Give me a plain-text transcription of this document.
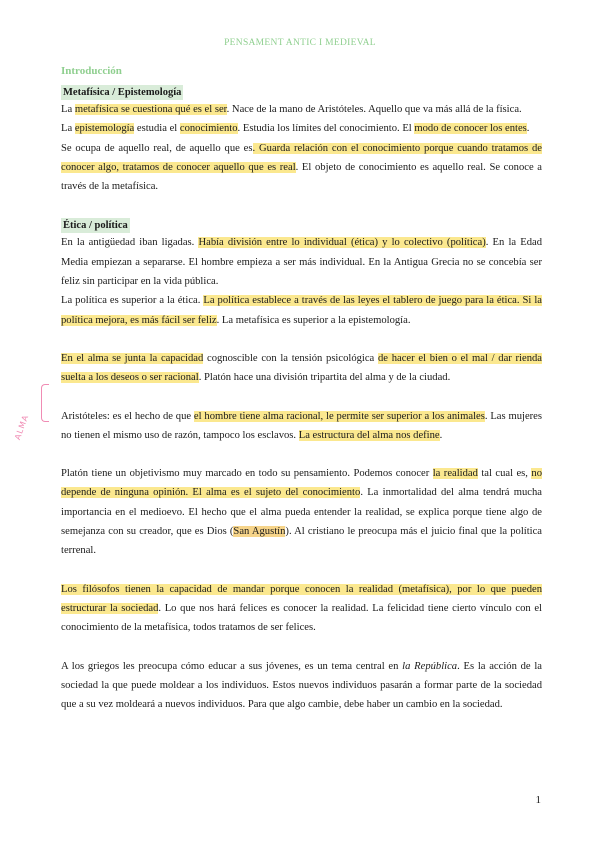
PENSAMENT ANTIC I MEDIEVAL
ALMA
Introducción
Metafísica / Epistemología

La metafísica se cuestiona qué es el ser. Nace de la mano de Aristóteles. Aquello que va más allá de la física.

La epistemología estudia el conocimiento. Estudia los límites del conocimiento. El modo de conocer los entes.

Se ocupa de aquello real, de aquello que es. Guarda relación con el conocimiento porque cuando tratamos de conocer algo, tratamos de conocer aquello que es real. El objeto de conocimiento es aquello real. Se conoce a través de la metafísica.

Ética / política

En la antigüedad iban ligadas. Había división entre lo individual (ética) y lo colectivo (política). En la Edad Media empiezan a separarse. El hombre empieza a ser más individual. En la Antigua Grecia no se concebía ser feliz sin participar en la vida pública.

La política es superior a la ética. La política establece a través de las leyes el tablero de juego para la ética. Si la política mejora, es más fácil ser feliz. La metafísica es superior a la epistemología.

En el alma se junta la capacidad cognoscible con la tensión psicológica de hacer el bien o el mal / dar rienda suelta a los deseos o ser racional. Platón hace una división tripartita del alma y de la ciudad.

Aristóteles: es el hecho de que el hombre tiene alma racional, le permite ser superior a los animales. Las mujeres no tienen el mismo uso de razón, tampoco los esclavos. La estructura del alma nos define.

Platón tiene un objetivismo muy marcado en todo su pensamiento. Podemos conocer la realidad tal cual es, no depende de ninguna opinión. El alma es el sujeto del conocimiento. La inmortalidad del alma tendrá mucha importancia en el medioevo. El hecho que el alma pueda entender la realidad, se explica porque tiene algo de semejanza con su creador, que es Dios (San Agustín). Al cristiano le preocupa más el juicio final que la política terrenal.

Los filósofos tienen la capacidad de mandar porque conocen la realidad (metafísica), por lo que pueden estructurar la sociedad. Lo que nos hará felices es conocer la realidad. La felicidad tiene cierto vínculo con el conocimiento de la metafísica, todos tratamos de ser felices.

A los griegos les preocupa cómo educar a sus jóvenes, es un tema central en la República. Es la acción de la sociedad la que puede moldear a los individuos. Estos nuevos individuos pasarán a formar parte de la sociedad que a su vez moldeará a nuevos individuos. Para que algo cambie, debe haber un cambio en la sociedad.

1
